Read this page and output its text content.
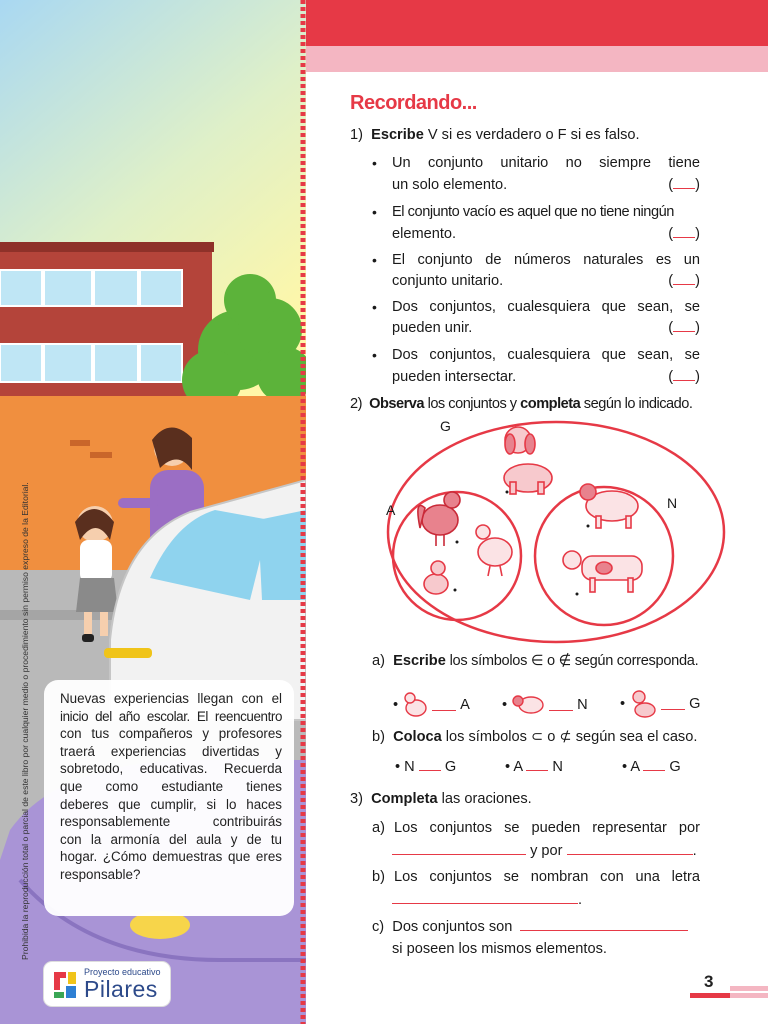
Prohibida la reproducción total o parcial de este libro por cualquier medio o procedimiento sin permiso expreso de la Editorial. Nuevas experiencias llegan con el
inicio del año escolar. El reencuentro
con tus compañeros y profesores
traerá experiencias divertidas y
sobretodo, educativas. Recuerda
que como estudiante tienes
deberes que cumplir, si lo haces
responsablemente contribuirás
con la armonía del aula y de tu
hogar. ¿Cómo demuestras que eres
responsable?
Proyecto educativo
Pilares
Recordando...
1) Escribe V si es verdadero o F si es falso.
• Un conjunto unitario no siempre tiene
un solo elemento.	( )
• El conjunto vacío es aquel que no tiene ningún
elemento.	( )
• El conjunto de números naturales es un
conjunto unitario.	( )
• Dos conjuntos, cualesquiera que sean, se
pueden unir.	( )
• Dos conjuntos, cualesquiera que sean, se
pueden intersectar.	( )
2) Observa los conjuntos y completa según lo indicado.
G
A	N
a) Escribe los símbolos ∈ o ∉ según corresponda.
•	A •	N •	G
b) Coloca los símbolos ⊂ o ⊄ según sea el caso.
• N G	• A N	• A G
3) Completa las oraciones.
a) Los conjuntos se pueden representar por
y por	.
b) Los conjuntos se nombran con una letra
.
c) Dos conjuntos son
si poseen los mismos elementos.
3
